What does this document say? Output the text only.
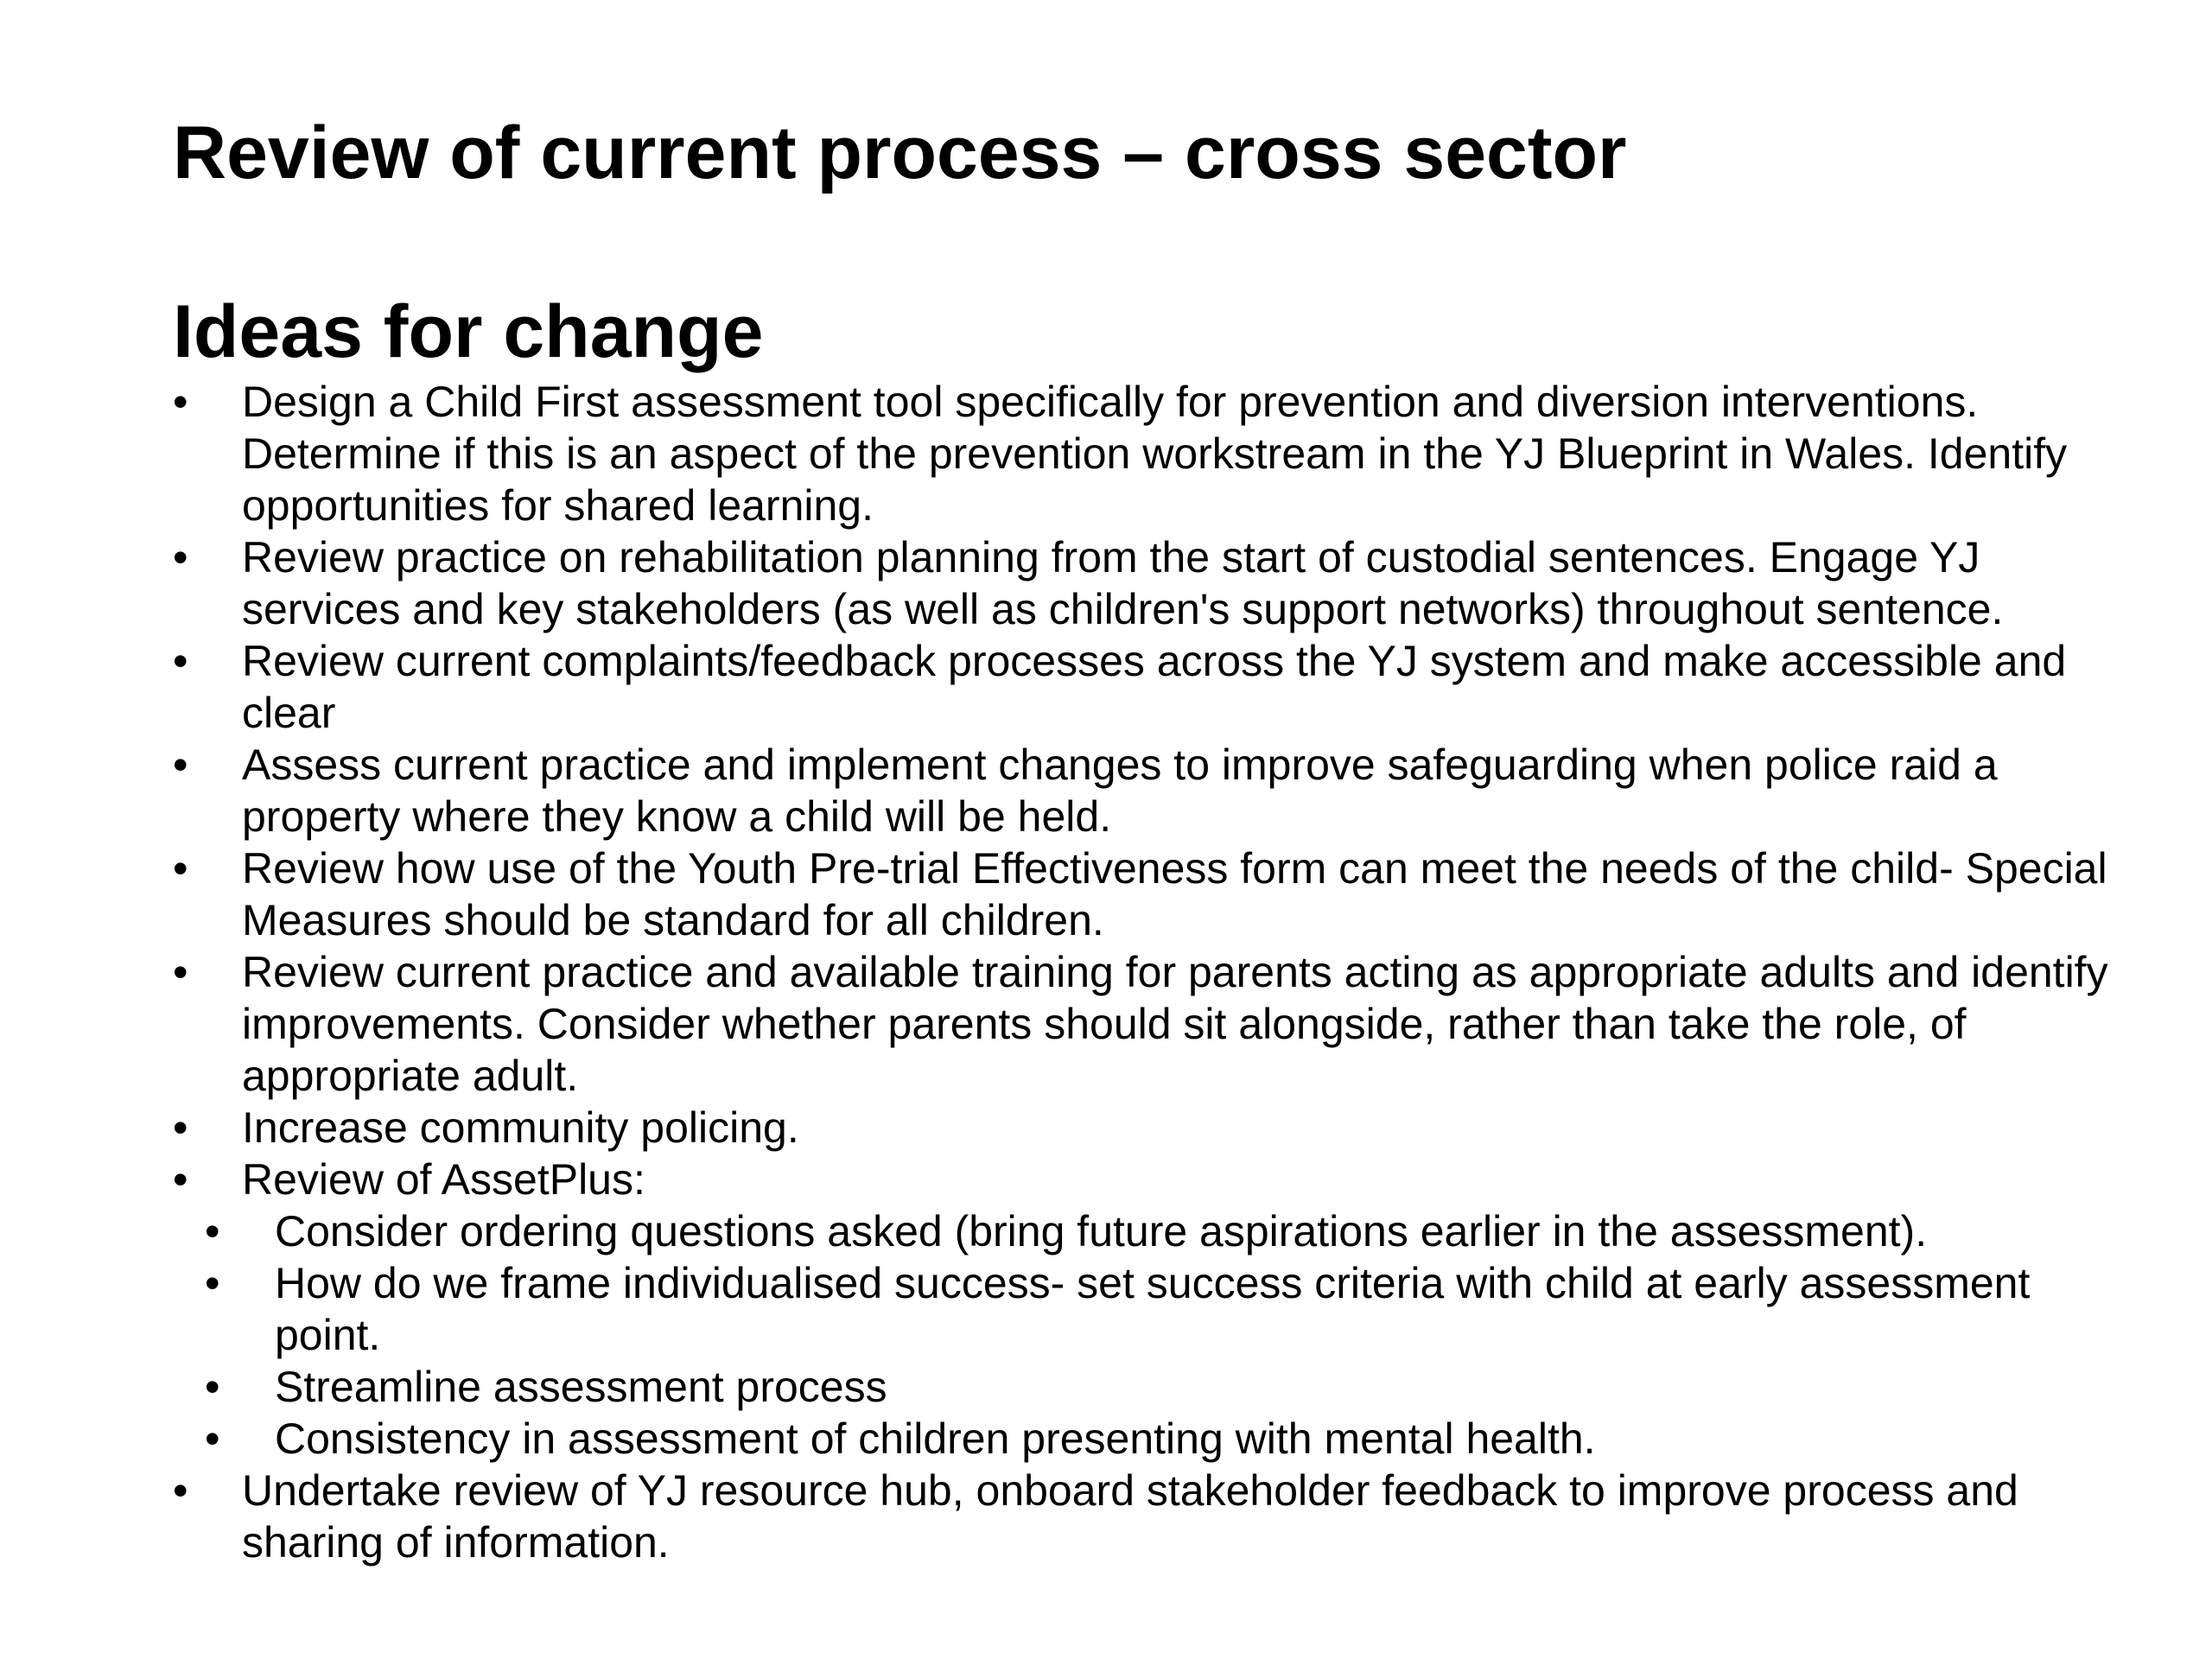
Review of current process – cross sector
Ideas for change
• Design a Child First assessment tool specifically for prevention and diversion interventions. Determine if this is an aspect of the prevention workstream in the YJ Blueprint in Wales. Identify opportunities for shared learning.
• Review practice on rehabilitation planning from the start of custodial sentences. Engage YJ services and key stakeholders (as well as children's support networks) throughout sentence.
• Review current complaints/feedback processes across the YJ system and make accessible and clear
• Assess current practice and implement changes to improve safeguarding when police raid a property where they know a child will be held.
• Review how use of the Youth Pre-trial Effectiveness form can meet the needs of the child- Special Measures should be standard for all children.
• Review current practice and available training for parents acting as appropriate adults and identify improvements. Consider whether parents should sit alongside, rather than take the role, of appropriate adult.
• Increase community policing.
• Review of AssetPlus:
• Consider ordering questions asked (bring future aspirations earlier in the assessment).
• How do we frame individualised success- set success criteria with child at early assessment point.
• Streamline assessment process
• Consistency in assessment of children presenting with mental health.
• Undertake review of YJ resource hub, onboard stakeholder feedback to improve process and sharing of information.
